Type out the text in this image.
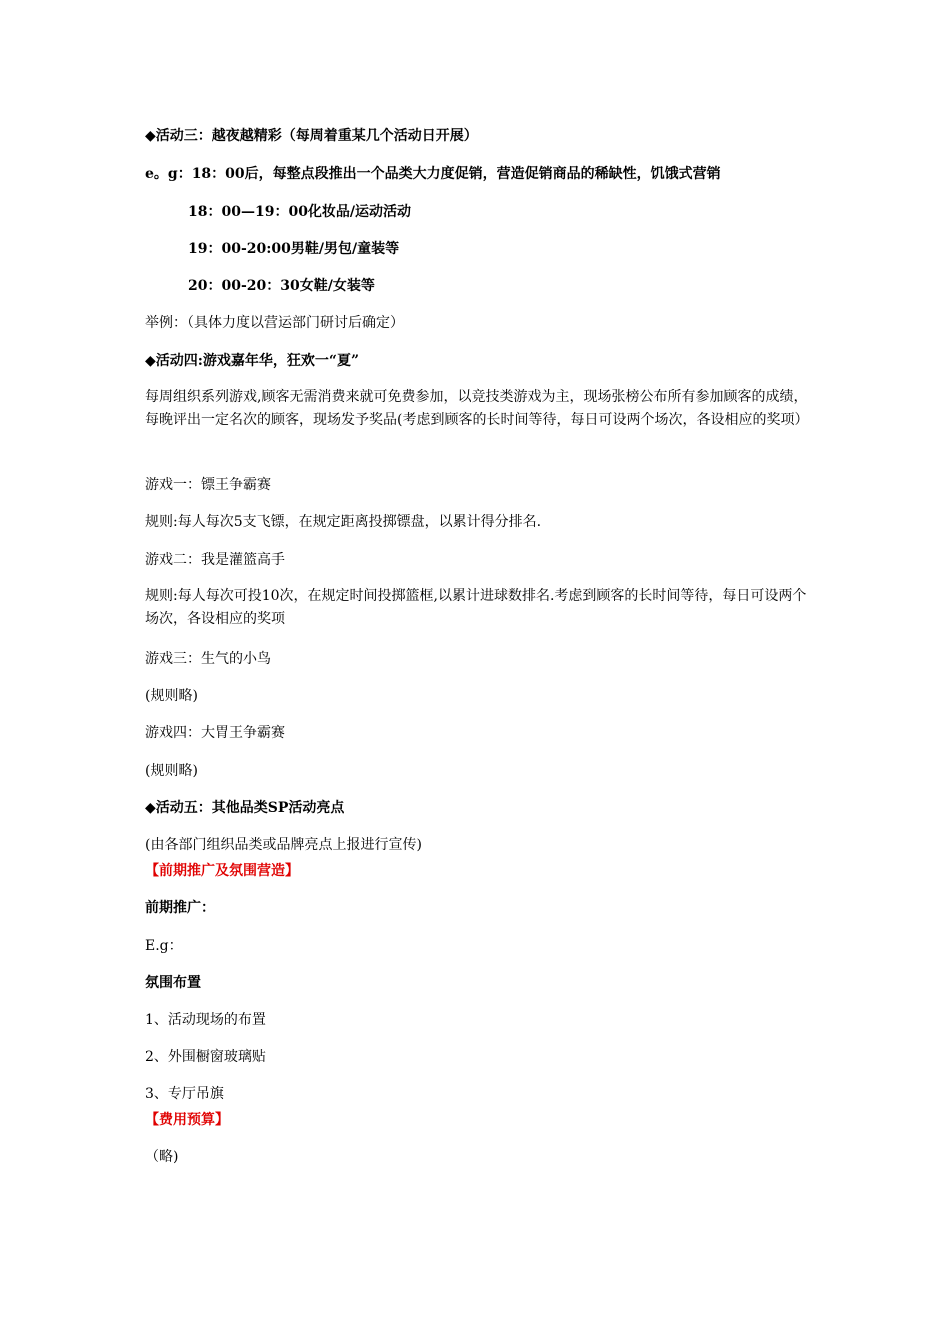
◆活动三：越夜越精彩（每周着重某几个活动日开展）
e。g：18：00后，每整点段推出一个品类大力度促销，营造促销商品的稀缺性，饥饿式营销
18：00—19：00化妆品/运动活动
19：00-20:00男鞋/男包/童装等
20：00-20：30女鞋/女装等
举例：（具体力度以营运部门研讨后确定）
◆活动四:游戏嘉年华，狂欢一“夏”
每周组织系列游戏,顾客无需消费来就可免费参加，以竞技类游戏为主，现场张榜公布所有参加顾客的成绩，每晚评出一定名次的顾客，现场发予奖品(考虑到顾客的长时间等待，每日可设两个场次，各设相应的奖项）
游戏一：镖王争霸赛
规则:每人每次5支飞镖，在规定距离投掷镖盘，以累计得分排名.
游戏二：我是灌篮高手
规则:每人每次可投10次，在规定时间投掷篮框,以累计进球数排名.考虑到顾客的长时间等待，每日可设两个场次，各设相应的奖项
游戏三：生气的小鸟
(规则略)
游戏四：大胃王争霸赛
(规则略)
◆活动五：其他品类SP活动亮点
(由各部门组织品类或品牌亮点上报进行宣传)
【前期推广及氛围营造】
前期推广：
E.g：
氛围布置
1、活动现场的布置
2、外围橱窗玻璃贴
3、专厅吊旗
【费用预算】
（略)
